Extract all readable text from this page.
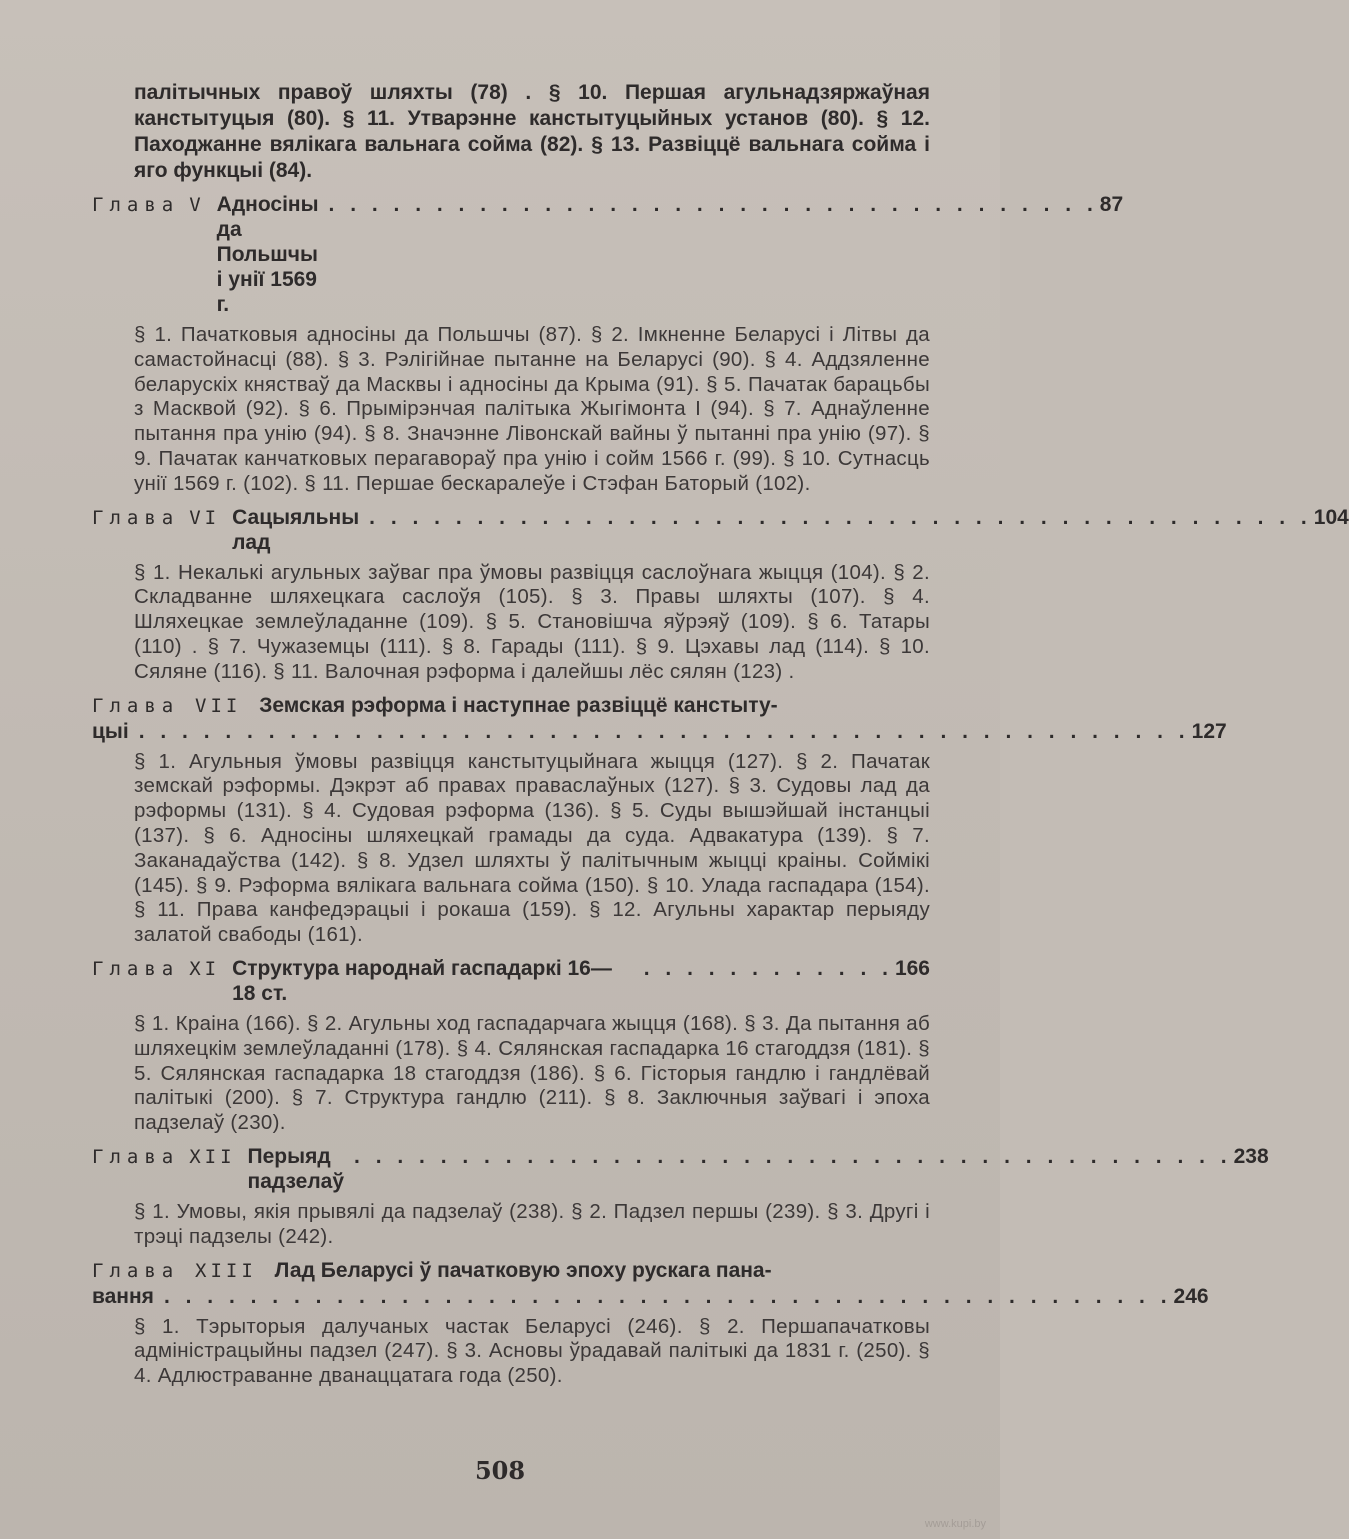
палітычных правоў шляхты (78) . § 10. Першая агульнадзяржаўная канстытуцыя (80). § 11. Утварэнне канстытуцыйных установ (80). § 12. Паходжанне вялікага вальнага сойма (82). § 13. Развіццё вальнага сойма і яго функцыі (84).
Глава V Адносіны да Польшчы і унії 1569 г.
. . . . . . . . . . . . . . . . . . . . . . . . . . . . . . . . . . . . 87
§ 1. Пачатковыя адносіны да Польшчы (87). § 2. Імкненне Беларусі і Літвы да самастойнасці (88). § 3. Рэлігійнае пытанне на Беларусі (90). § 4. Аддзяленне беларускіх княстваў да Масквы і адносіны да Крыма (91). § 5. Пачатак барацьбы з Масквой (92). § 6. Прымірэнчая палітыка Жыгімонта І (94). § 7. Аднаўленне пытання пра унію (94). § 8. Значэнне Лівонскай вайны ў пытанні пра унію (97). § 9. Пачатак канчатковых перагавораў пра унію і сойм 1566 г. (99). § 10. Сутнасць унії 1569 г. (102). § 11. Першае бескаралеўе і Стэфан Баторый (102).
Глава VI Сацыяльны лад
. . . . . . . . . . . . . . . . . . . . . . . . . . . . . . . . . . . . . . . . . . . . 104
§ 1. Некалькі агульных заўваг пра ўмовы развіцця саслоўнага жыцця (104). § 2. Складванне шляхецкага саслоўя (105). § 3. Правы шляхты (107). § 4. Шляхецкае землеўладанне (109). § 5. Становішча яўрэяў (109). § 6. Татары (110) . § 7. Чужаземцы (111). § 8. Гарады (111). § 9. Цэхавы лад (114). § 10. Сяляне (116). § 11. Валочная рэформа і далейшы лёс сялян (123) .
Глава VII Земская рэформа і наступнае развіццё канстыту-
цыі . . . . . . . . . . . . . . . . . . . . . . . . . . . . . . . . . . . . . . . . . . . . . . . . . 127
§ 1. Агульныя ўмовы развіцця канстытуцыйнага жыцця (127). § 2. Пачатак земскай рэформы. Дэкрэт аб правах праваслаўных (127). § 3. Судовы лад да рэформы (131). § 4. Судовая рэформа (136). § 5. Суды вышэйшай інстанцыі (137). § 6. Адносіны шляхецкай грамады да суда. Адвакатура (139). § 7. Заканадаўства (142). § 8. Удзел шляхты ў палітычным жыцці краіны. Соймікі (145). § 9. Рэформа вялікага вальнага сойма (150). § 10. Улада гаспадара (154). § 11. Права канфедэрацыі і рокаша (159). § 12. Агульны характар перыяду залатой свабоды (161).
Глава XI Структура народнай гаспадаркі 16—18 ст.
. . . . . . . . . . . . 166
§ 1. Краіна (166). § 2. Агульны ход гаспадарчага жыцця (168). § 3. Да пытання аб шляхецкім землеўладанні (178). § 4. Сялянская гаспадарка 16 стагоддзя (181). § 5. Сялянская гаспадарка 18 стагоддзя (186). § 6. Гісторыя гандлю і гандлёвай палітыкі (200). § 7. Структура гандлю (211). § 8. Заключныя заўвагі і эпоха падзелаў (230).
Глава XII Перыяд падзелаў
. . . . . . . . . . . . . . . . . . . . . . . . . . . . . . . . . . . . . . . . . 238
§ 1. Умовы, якія прывялі да падзелаў (238). § 2. Падзел першы (239). § 3. Другі і трэці падзелы (242).
Глава XIII Лад Беларусі ў пачатковую эпоху рускага пана-
вання . . . . . . . . . . . . . . . . . . . . . . . . . . . . . . . . . . . . . . . . . . . . . . . 246
§ 1. Тэрыторыя далучаных частак Беларусі (246). § 2. Першапачатковы адміністрацыйны падзел (247). § 3. Асновы ўрадавай палітыкі да 1831 г. (250). § 4. Адлюстраванне дванаццатага года (250).
508
www.kupi.by
